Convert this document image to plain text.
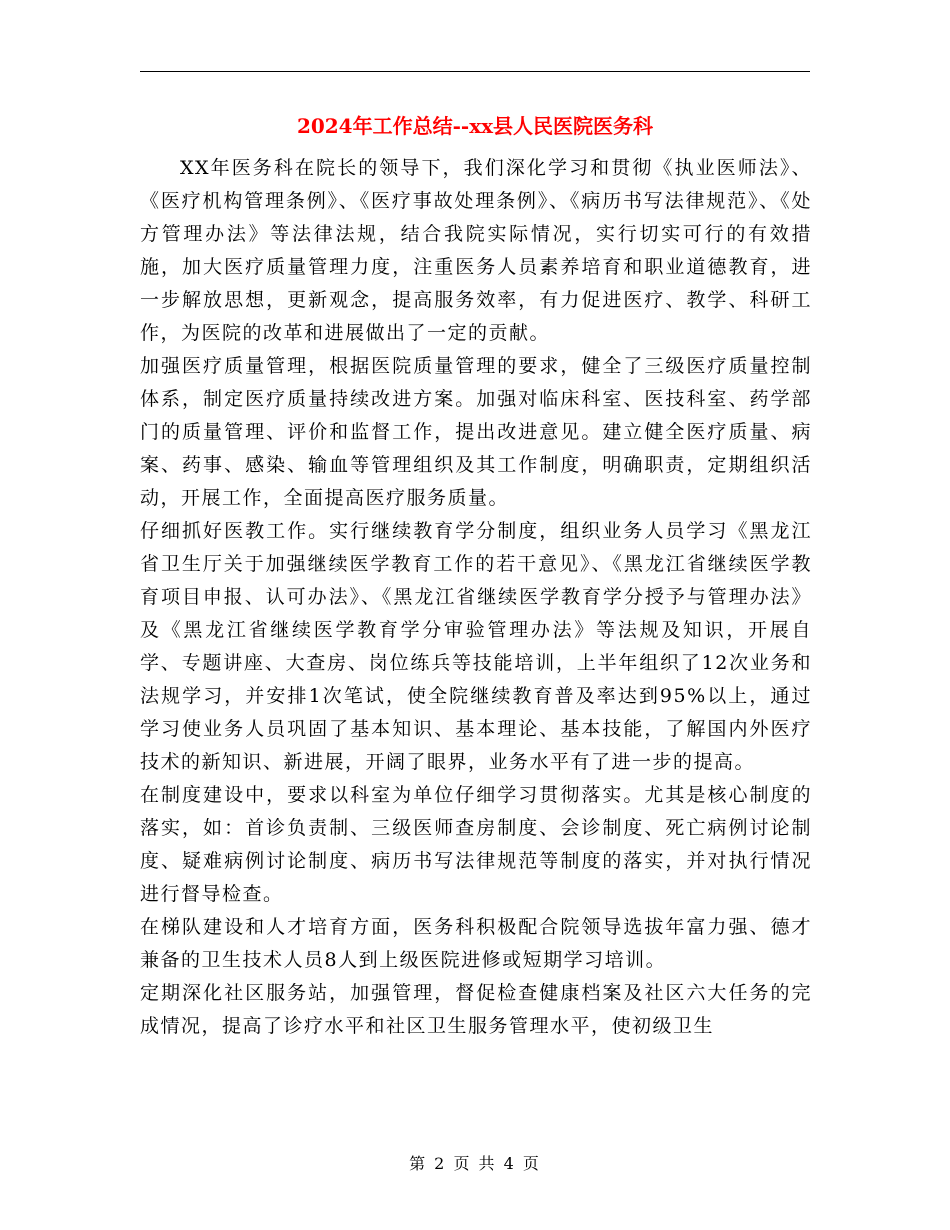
2024年工作总结--xx县人民医院医务科

XX年医务科在院长的领导下，我们深化学习和贯彻《执业医师法》、《医疗机构管理条例》、《医疗事故处理条例》、《病历书写法律规范》、《处方管理办法》等法律法规，结合我院实际情况，实行切实可行的有效措施，加大医疗质量管理力度，注重医务人员素养培育和职业道德教育，进一步解放思想，更新观念，提高服务效率，有力促进医疗、教学、科研工作，为医院的改革和进展做出了一定的贡献。

加强医疗质量管理，根据医院质量管理的要求，健全了三级医疗质量控制体系，制定医疗质量持续改进方案。加强对临床科室、医技科室、药学部门的质量管理、评价和监督工作，提出改进意见。建立健全医疗质量、病案、药事、感染、输血等管理组织及其工作制度，明确职责，定期组织活动，开展工作，全面提高医疗服务质量。

仔细抓好医教工作。实行继续教育学分制度，组织业务人员学习《黑龙江省卫生厅关于加强继续医学教育工作的若干意见》、《黑龙江省继续医学教育项目申报、认可办法》、《黑龙江省继续医学教育学分授予与管理办法》及《黑龙江省继续医学教育学分审验管理办法》等法规及知识，开展自学、专题讲座、大查房、岗位练兵等技能培训，上半年组织了12次业务和法规学习，并安排1次笔试，使全院继续教育普及率达到95%以上，通过学习使业务人员巩固了基本知识、基本理论、基本技能，了解国内外医疗技术的新知识、新进展，开阔了眼界，业务水平有了进一步的提高。

在制度建设中，要求以科室为单位仔细学习贯彻落实。尤其是核心制度的落实，如：首诊负责制、三级医师查房制度、会诊制度、死亡病例讨论制度、疑难病例讨论制度、病历书写法律规范等制度的落实，并对执行情况进行督导检查。

在梯队建设和人才培育方面，医务科积极配合院领导选拔年富力强、德才兼备的卫生技术人员8人到上级医院进修或短期学习培训。

定期深化社区服务站，加强管理，督促检查健康档案及社区六大任务的完成情况，提高了诊疗水平和社区卫生服务管理水平，使初级卫生

第 2 页 共 4 页
